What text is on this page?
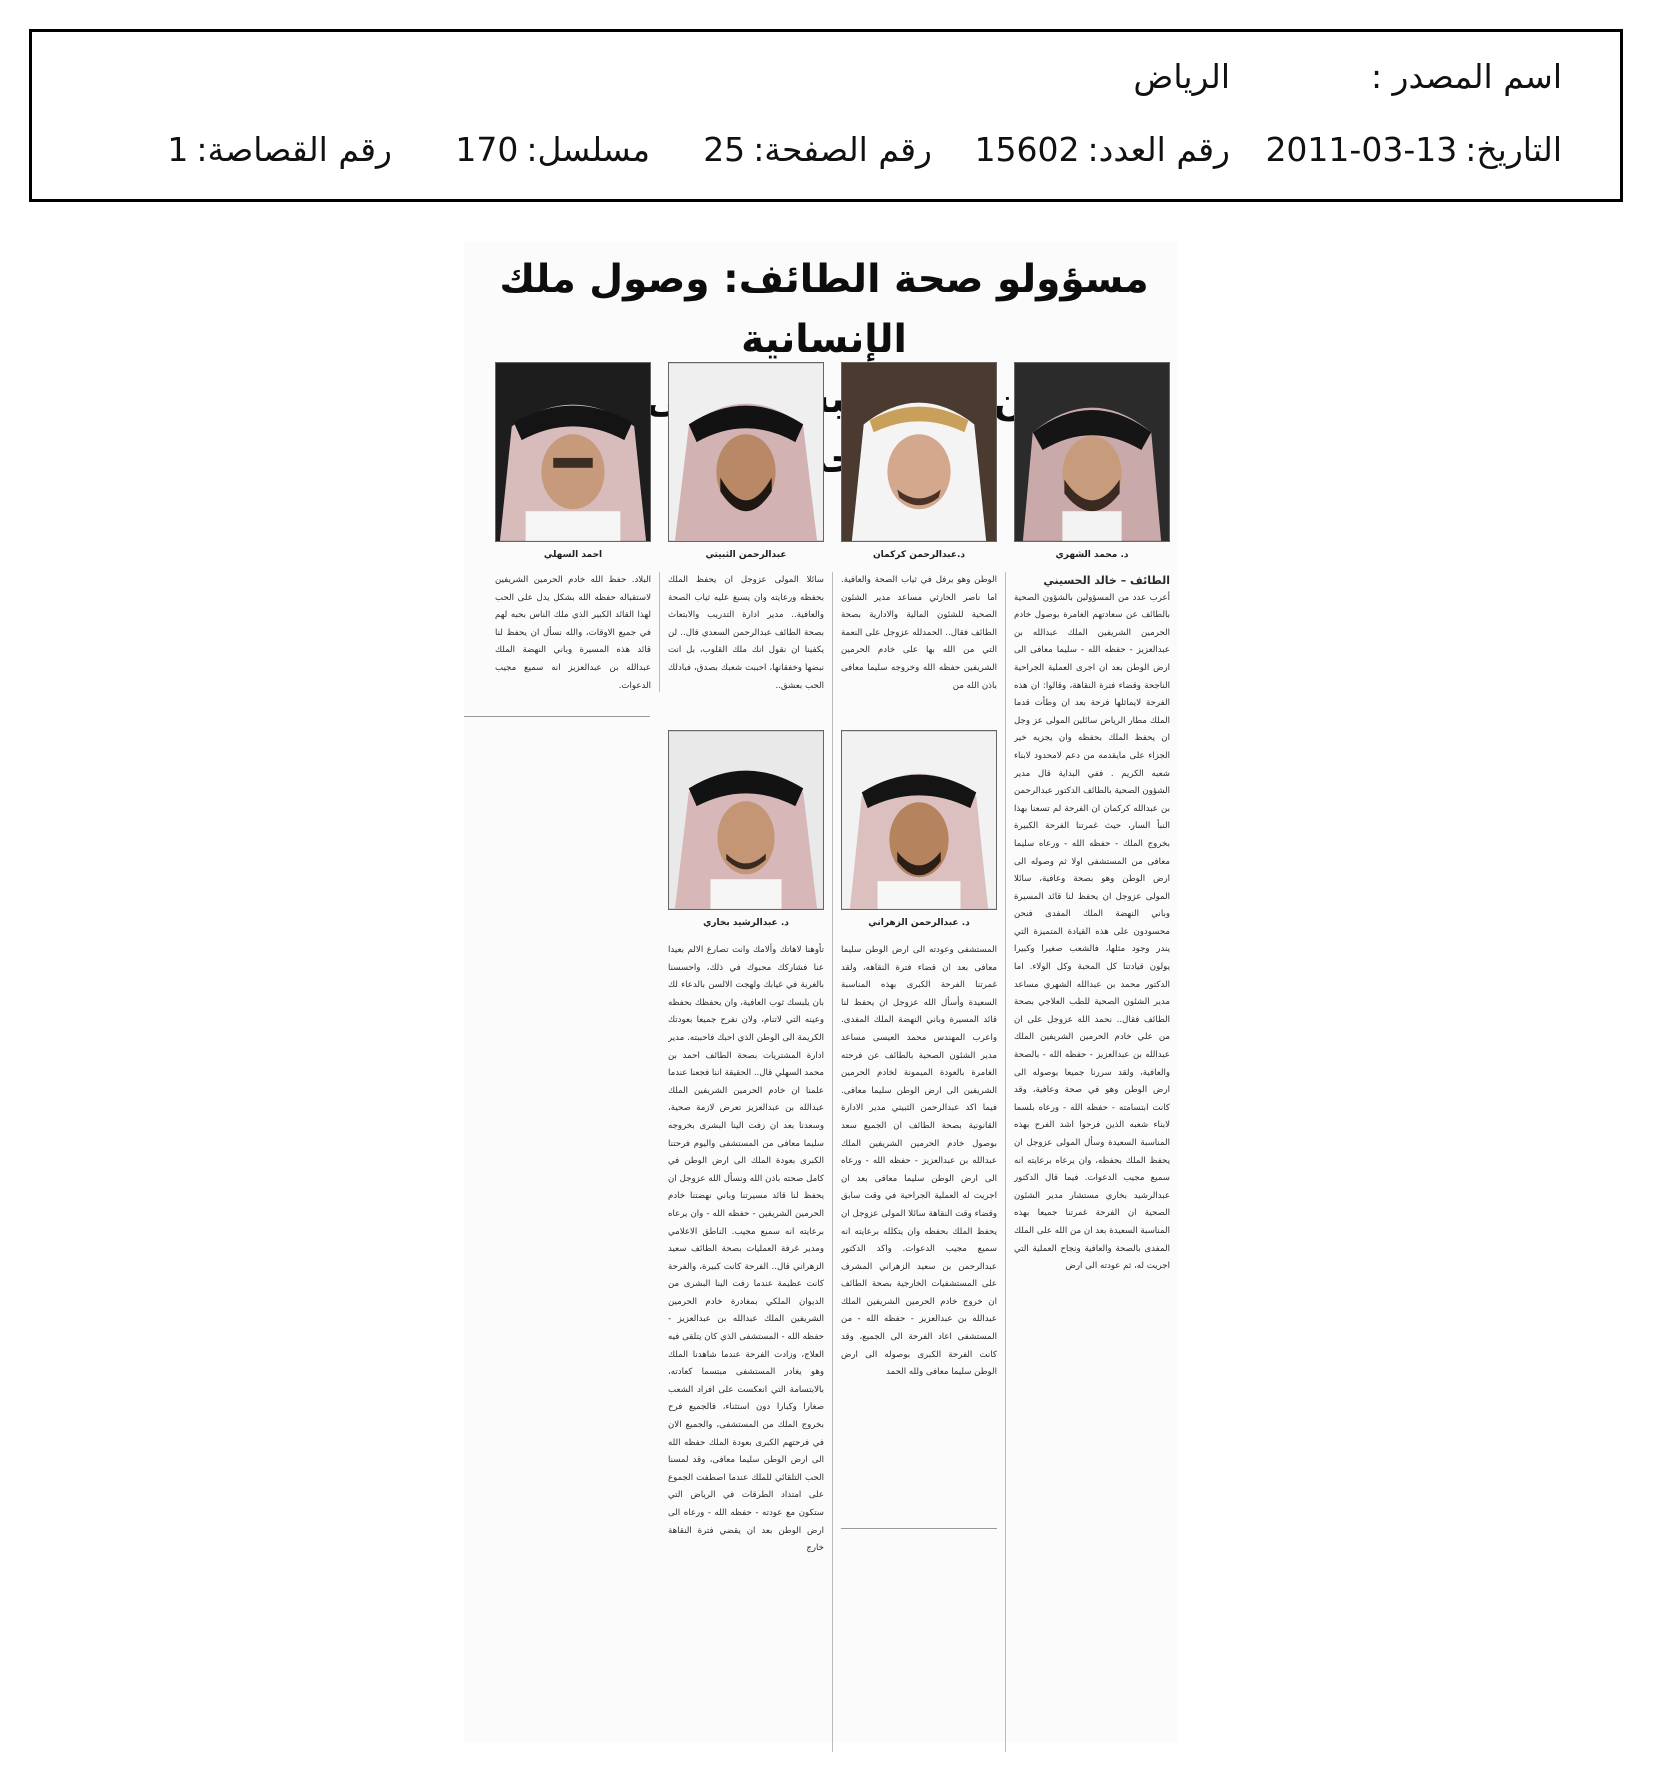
اسم المصدر :
الرياض
التاريخ:2011-03-13
رقم العدد:15602
رقم الصفحة:25
مسلسل:170
رقم القصاصة:1
مسؤولو صحة الطائف: وصول ملك الإنسانية
د. محمد الشهري
د.عبدالرحمن كركمان
عبدالرحمن الثبيتي
احمد السهلي

الطائف – خالد الحسيني

أعرب عدد من المسؤولين بالشؤون الصحية بالطائف عن سعادتهم الغامرة بوصول خادم الحرمين الشريفين الملك عبدالله بن عبدالعزيز - حفظه الله - سليما معافى الى ارض الوطن بعد ان اجرى العملية الجراحية الناجحة وقضاء فترة النقاهة، وقالوا: ان هذه الفرحة لايماثلها فرحة بعد ان وطأت قدما الملك مطار الرياض سائلين المولى عز وجل ان يحفظ الملك بحفظه وان يجزيه خير الجزاء على مايقدمه من دعم لامحدود لابناء شعبه الكريم . ففي البداية قال مدير الشؤون الصحية بالطائف الدكتور عبدالرحمن بن عبدالله كركمان ان الفرحة لم تسعنا بهذا النبأ السار، حيث غمرتنا الفرحة الكبيرة بخروج الملك - حفظه الله - ورعاه سليما معافى من المستشفى اولا ثم وصوله الى ارض الوطن وهو بصحة وعافية، سائلا المولى عزوجل ان يحفظ لنا قائد المسيرة وباني النهضة الملك المفدى فنحن محسودون على هذه القيادة المتميزة التي يندر وجود مثلها، فالشعب صغيرا وكبيرا يولون قيادتنا كل المحبة وكل الولاء. اما الدكتور محمد بن عبدالله الشهري مساعد مدير الشئون الصحية للطب العلاجي بصحة الطائف فقال.. نحمد الله عزوجل على ان من علي خادم الحرمين الشريفين الملك عبدالله بن عبدالعزيز - حفظه الله - بالصحة والعافية، ولقد سررنا جميعا بوصوله الى ارض الوطن وهو في صحة وعافية، وقد كانت ابتسامته - حفظه الله - ورعاه بلسما لابناء شعبه الذين فرحوا اشد الفرح بهذه المناسبة السعيدة وسأل المولى عزوجل ان يحفظ الملك بحفظه، وان يرعاه برعايته انه سميع مجيب الدعوات. فيما قال الدكتور عبدالرشيد بخاري مستشار مدير الشئون الصحية ان الفرحة غمرتنا جميعا بهذه المناسبة السعيدة بعد ان من الله على الملك المفدى بالصحة والعافية ونجاح العملية التي اجريت له، ثم عودته الى ارض

الوطن وهو يرفل في ثياب الصحة والعافية. اما ناصر الحارثي مساعد مدير الشئون الصحية للشئون المالية والادارية بصحة الطائف فقال.. الحمدلله عزوجل على النعمة التي من الله بها على خادم الحرمين الشريفين حفظه الله وخروجه سليما معافى باذن الله من

سائلا المولى عزوجل ان يحفظ الملك بحفظه ورعايته وان يسبغ عليه ثياب الصحة والعافية.. مدير ادارة التدريب والابتعاث بصحة الطائف عبدالرحمن السعدي قال.. لن يكفينا ان نقول انك ملك القلوب، بل انت نبضها وخفقانها، احببت شعبك بصدق، فبادلك الحب بعشق..

البلاد. حفظ الله خادم الحرمين الشريفين لاستقباله حفظه الله بشكل يدل على الحب لهذا القائد الكبير الذي ملك الناس بحبه لهم في جميع الاوقات، والله نسأل ان يحفظ لنا قائد هذه المسيرة وباني النهضة الملك عبدالله بن عبدالعزيز انه سميع مجيب الدعوات.

د. عبدالرحمن الزهراني
د. عبدالرشيد بخاري

المستشفى وعودته الى ارض الوطن سليما معافى بعد ان قضاء فترة النقاهه، ولقد غمرتنا الفرحة الكبرى بهذه المناسبة السعيدة وأسأل الله عزوجل ان يحفظ لنا قائد المسيرة وباني النهضة الملك المفدى. واعرب المهندس محمد العيسى مساعد مدير الشئون الصحية بالطائف عن فرحته الغامرة بالعودة الميمونة لخادم الحرمين الشريفين الى ارض الوطن سليما معافى. فيما اكد عبدالرحمن الثبيتي مدير الادارة القانونية بصحة الطائف ان الجميع سعد بوصول خادم الحرمين الشريفين الملك عبدالله بن عبدالعزيز - حفظه الله - ورعاه الى ارض الوطن سليما معافى بعد ان اجريت له العملية الجراحية في وقت سابق وقضاء وقت النقاهة سائلا المولى عزوجل ان يحفظ الملك بحفظه وان يتكلله برعايته انه سميع مجيب الدعوات. واكد الدكتور عبدالرحمن بن سعيد الزهراني المشرف على المستشفيات الخارجية بصحة الطائف ان خروج خادم الحرمين الشريفين الملك عبدالله بن عبدالعزيز - حفظه الله - من المستشفى اعاد الفرحة الى الجميع، وقد كانت الفرحة الكبرى بوصوله الى ارض الوطن سليما معافى ولله الحمد

تأوهنا لاهاتك وألامك وانت تصارع الالم بعيدا عنا فشاركك محبوك في ذلك، واحسسنا بالغربة في غيابك ولهجت الالسن بالدعاء لك بان يلبسك ثوب العافية، وان يحفظك بحفظه وعينه التي لاتنام، ولان نفرح جميعا بعودتك الكريمة الى الوطن الذي احبك فاحببته. مدير ادارة المشتريات بصحة الطائف احمد بن محمد السهلي قال.. الحقيقة اننا فجعنا عندما علمنا ان خادم الحرمين الشريفين الملك عبدالله بن عبدالعزيز تعرض لازمة صحية، وسعدنا بعد ان زفت الينا البشرى بخروجه سليما معافى من المستشفى واليوم فرحتنا الكبرى بعودة الملك الى ارض الوطن في كامل صحته باذن الله ونسأل الله عزوجل ان يحفظ لنا قائد مسيرتنا وباني نهضتنا خادم الحرمين الشريفين - حفظه الله - وان يرعاه برعايته انه سميع مجيب. الناطق الاعلامي ومدير غرفة العمليات بصحة الطائف سعيد الزهراني قال.. الفرحة كانت كبيرة، والفرحة كانت عظيمة عندما زفت الينا البشرى من الديوان الملكي بمغادرة خادم الحرمين الشريفين الملك عبدالله بن عبدالعزيز - حفظه الله - المستشفى الذي كان يتلقى فيه العلاج، وزادت الفرحة عندما شاهدنا الملك وهو يغادر المستشفى مبتسما كعادته، بالابتسامة التي انعكست على افراد الشعب صغارا وكبارا دون استثناء، فالجميع فرح بخروج الملك من المستشفى، والجميع الان في فرحتهم الكبرى بعودة الملك حفظه الله الى ارض الوطن سليما معافى، وقد لمسنا الحب التلقائي للملك عندما اصطفت الجموع على امتداد الطرقات في الرياض التي ستكون مع عودته - حفظه الله - ورعاه الى ارض الوطن بعد ان يقضي فترة النقاهة خارج
